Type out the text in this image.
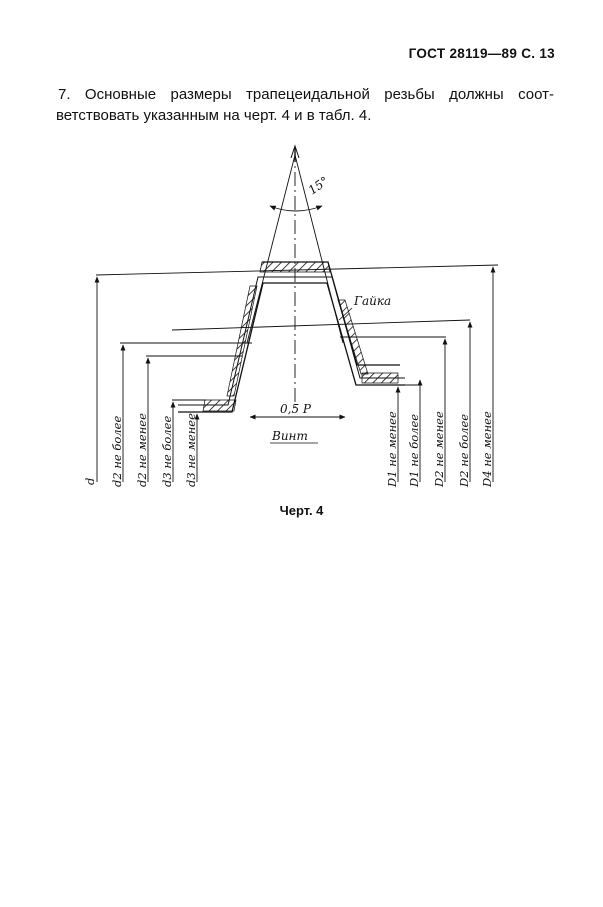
ГОСТ 28119—89 С. 13
7. Основные размеры трапецеидальной резьбы должны соот-
ветствовать указанным на черт. 4 и в табл. 4.
15°
Гайка
0,5 P
Винт
d d2 не более d2 не менее d3 не более d3 не менее	D1 не менее D1 не более D2 не менее D2 не более D4 не менее
Черт. 4
